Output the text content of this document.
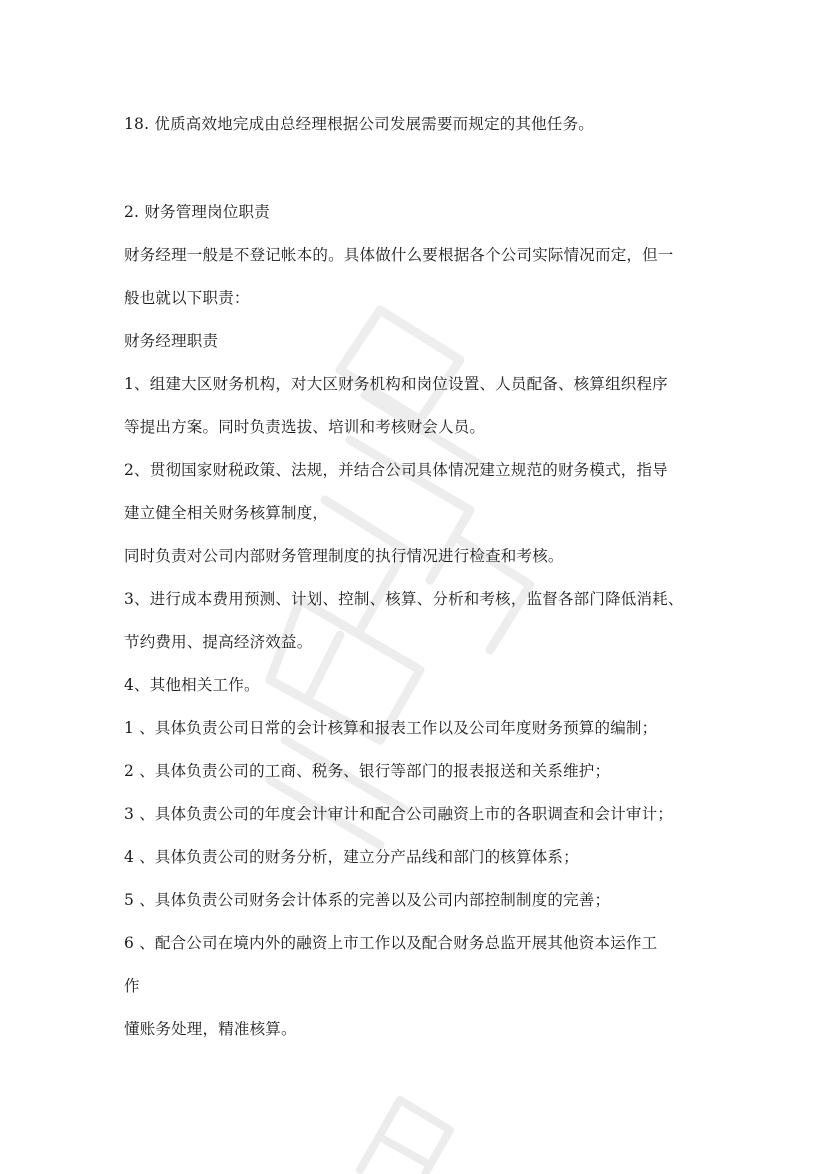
18. 优质高效地完成由总经理根据公司发展需要而规定的其他任务。
2. 财务管理岗位职责
财务经理一般是不登记帐本的。具体做什么要根据各个公司实际情况而定，但一
般也就以下职责：
财务经理职责
1、组建大区财务机构，对大区财务机构和岗位设置、人员配备、核算组织程序
等提出方案。同时负责选拔、培训和考核财会人员。
2、贯彻国家财税政策、法规，并结合公司具体情况建立规范的财务模式，指导
建立健全相关财务核算制度，
同时负责对公司内部财务管理制度的执行情况进行检查和考核。
3、进行成本费用预测、计划、控制、核算、分析和考核，监督各部门降低消耗、
节约费用、提高经济效益。
4、其他相关工作。
1 、具体负责公司日常的会计核算和报表工作以及公司年度财务预算的编制；
2 、具体负责公司的工商、税务、银行等部门的报表报送和关系维护；
3 、具体负责公司的年度会计审计和配合公司融资上市的各职调查和会计审计；
4 、具体负责公司的财务分析，建立分产品线和部门的核算体系；
5 、具体负责公司财务会计体系的完善以及公司内部控制制度的完善；
6 、配合公司在境内外的融资上市工作以及配合财务总监开展其他资本运作工
作
懂账务处理，精准核算。
